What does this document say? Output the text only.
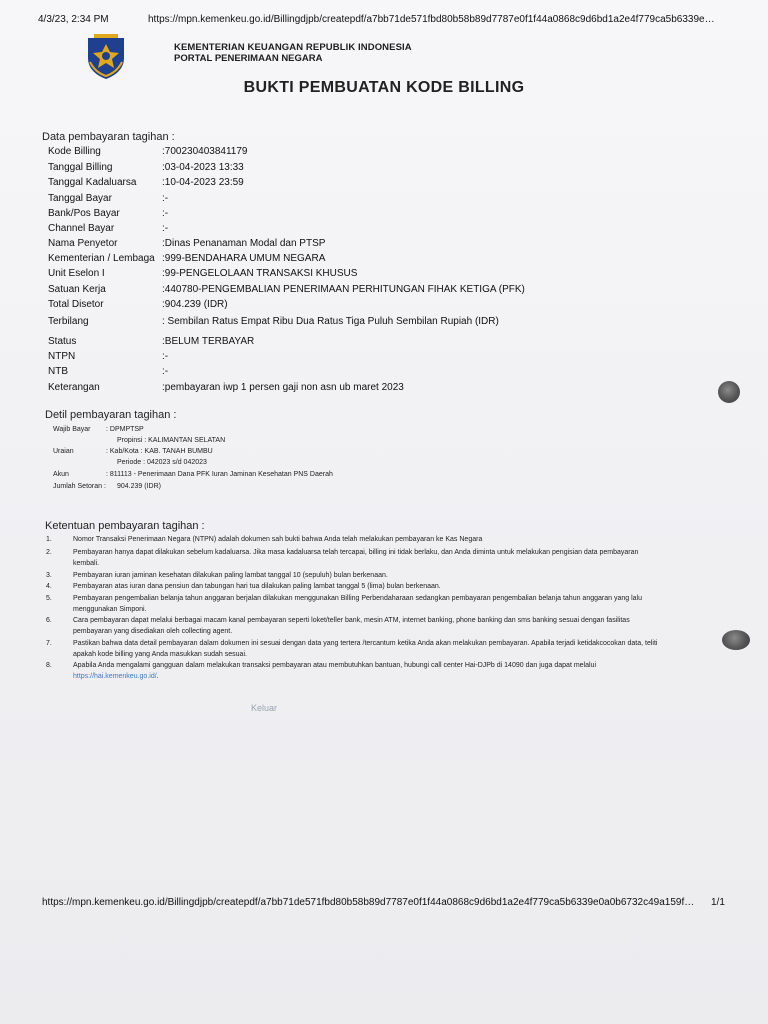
4/3/23, 2:34 PM	https://mpn.kemenkeu.go.id/Billingdjpb/createpdf/a7bb71de571fbd80b58b89d7787e0f1f44a0868c9d6bd1a2e4f779ca5b6339e…
KEMENTERIAN KEUANGAN REPUBLIK INDONESIA
PORTAL PENERIMAAN NEGARA
BUKTI PEMBUATAN KODE BILLING
Data pembayaran tagihan :
Kode Billing	:700230403841179
Tanggal Billing	:03-04-2023 13:33
Tanggal Kadaluarsa	:10-04-2023 23:59
Tanggal Bayar	:-
Bank/Pos Bayar	:-
Channel Bayar	:-
Nama Penyetor	:Dinas Penanaman Modal dan PTSP
Kementerian / Lembaga :999-BENDAHARA UMUM NEGARA
Unit Eselon I	:99-PENGELOLAAN TRANSAKSI KHUSUS
Satuan Kerja	:440780-PENGEMBALIAN PENERIMAAN PERHITUNGAN FIHAK KETIGA (PFK)
Total Disetor	:904.239 (IDR)
Terbilang	: Sembilan Ratus Empat Ribu Dua Ratus Tiga Puluh Sembilan Rupiah (IDR)
Status	:BELUM TERBAYAR
NTPN	:-
NTB	:-
Keterangan	:pembayaran iwp 1 persen gaji non asn ub maret 2023
Detil pembayaran tagihan :
Wajib Bayar : DPMPTSP
Propinsi : KALIMANTAN SELATAN
Uraian	: Kab/Kota : KAB. TANAH BUMBU
Periode : 042023 s/d 042023
Akun	: 811113 - Penerimaan Dana PFK Iuran Jaminan Kesehatan PNS Daerah
Jumlah Setoran : 904.239 (IDR)
Ketentuan pembayaran tagihan :
1.	Nomor Transaksi Penerimaan Negara (NTPN) adalah dokumen sah bukti bahwa Anda telah melakukan pembayaran ke Kas Negara
2.	Pembayaran hanya dapat dilakukan sebelum kadaluarsa. Jika masa kadaluarsa telah tercapai, billing ini tidak berlaku, dan Anda diminta untuk melakukan pengisian data pembayaran kembali.
3.	Pembayaran iuran jaminan kesehatan dilakukan paling lambat tanggal 10 (sepuluh) bulan berkenaan.
4.	Pembayaran atas iuran dana pensiun dan tabungan hari tua dilakukan paling lambat tanggal 5 (lima) bulan berkenaan.
5.	Pembayaran pengembalian belanja tahun anggaran berjalan dilakukan menggunakan Billing Perbendaharaan sedangkan pembayaran pengembalian belanja tahun anggaran yang lalu menggunakan Simponi.
6.	Cara pembayaran dapat melalui berbagai macam kanal pembayaran seperti loket/teller bank, mesin ATM, internet banking, phone banking dan sms banking sesuai dengan fasilitas pembayaran yang disediakan oleh collecting agent.
7.	Pastikan bahwa data detail pembayaran dalam dokumen ini sesuai dengan data yang tertera /tercantum ketika Anda akan melakukan pembayaran. Apabila terjadi ketidakcocokan data, teliti apakah kode billing yang Anda masukkan sudah sesuai.
8.	Apabila Anda mengalami gangguan dalam melakukan transaksi pembayaran atau membutuhkan bantuan, hubungi call center Hai-DJPb di 14090 dan juga dapat melalui https://hai.kemenkeu.go.id/.
Keluar
https://mpn.kemenkeu.go.id/Billingdjpb/createpdf/a7bb71de571fbd80b58b89d7787e0f1f44a0868c9d6bd1a2e4f779ca5b6339e0a0b6732c49a159f…	1/1
